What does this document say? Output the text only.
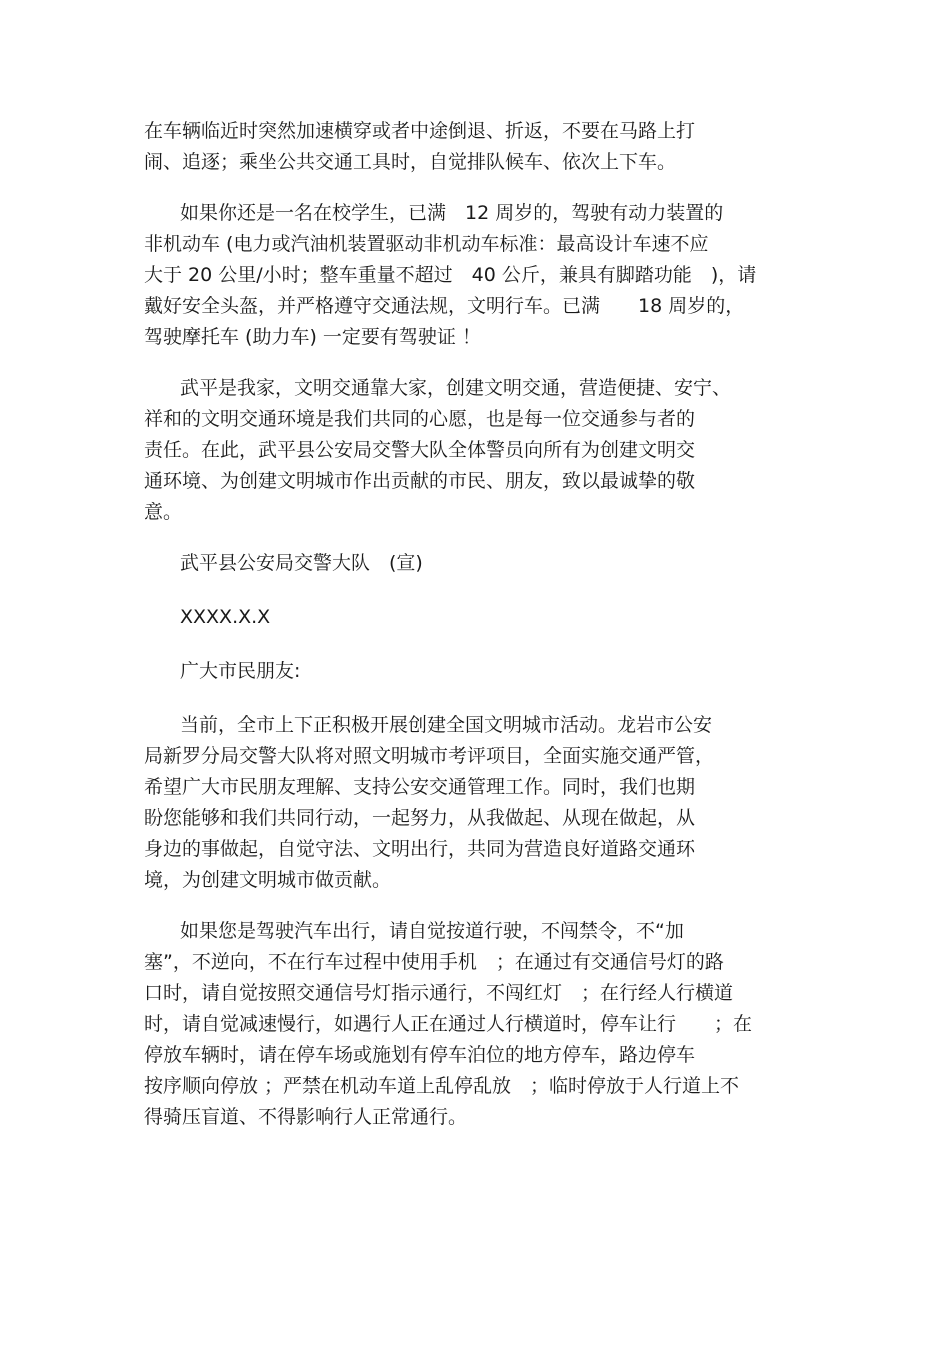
在车辆临近时突然加速横穿或者中途倒退、折返，不要在马路上打
闹、追逐；乘坐公共交通工具时，自觉排队候车、依次上下车。
如果你还是一名在校学生，已满　12 周岁的，驾驶有动力装置的
非机动车 (电力或汽油机装置驱动非机动车标准：最高设计车速不应
大于 20 公里/小时；整车重量不超过　40 公斤，兼具有脚踏功能　)，请
戴好安全头盔，并严格遵守交通法规，文明行车。已满　　18 周岁的，
驾驶摩托车 (助力车) 一定要有驾驶证 ！
武平是我家，文明交通靠大家，创建文明交通，营造便捷、安宁、
祥和的文明交通环境是我们共同的心愿，也是每一位交通参与者的
责任。在此，武平县公安局交警大队全体警员向所有为创建文明交
通环境、为创建文明城市作出贡献的市民、朋友，致以最诚挚的敬
意。
武平县公安局交警大队　(宣)
XXXX.X.X
广大市民朋友:
当前，全市上下正积极开展创建全国文明城市活动。龙岩市公安
局新罗分局交警大队将对照文明城市考评项目，全面实施交通严管，
希望广大市民朋友理解、支持公安交通管理工作。同时，我们也期
盼您能够和我们共同行动，一起努力，从我做起、从现在做起，从
身边的事做起，自觉守法、文明出行，共同为营造良好道路交通环
境，为创建文明城市做贡献。
如果您是驾驶汽车出行，请自觉按道行驶，不闯禁令，不“加
塞”，不逆向，不在行车过程中使用手机　；在通过有交通信号灯的路
口时，请自觉按照交通信号灯指示通行，不闯红灯　；在行经人行横道
时，请自觉减速慢行，如遇行人正在通过人行横道时，停车让行　　；在
停放车辆时，请在停车场或施划有停车泊位的地方停车，路边停车
按序顺向停放 ；严禁在机动车道上乱停乱放　；临时停放于人行道上不
得骑压盲道、不得影响行人正常通行。
